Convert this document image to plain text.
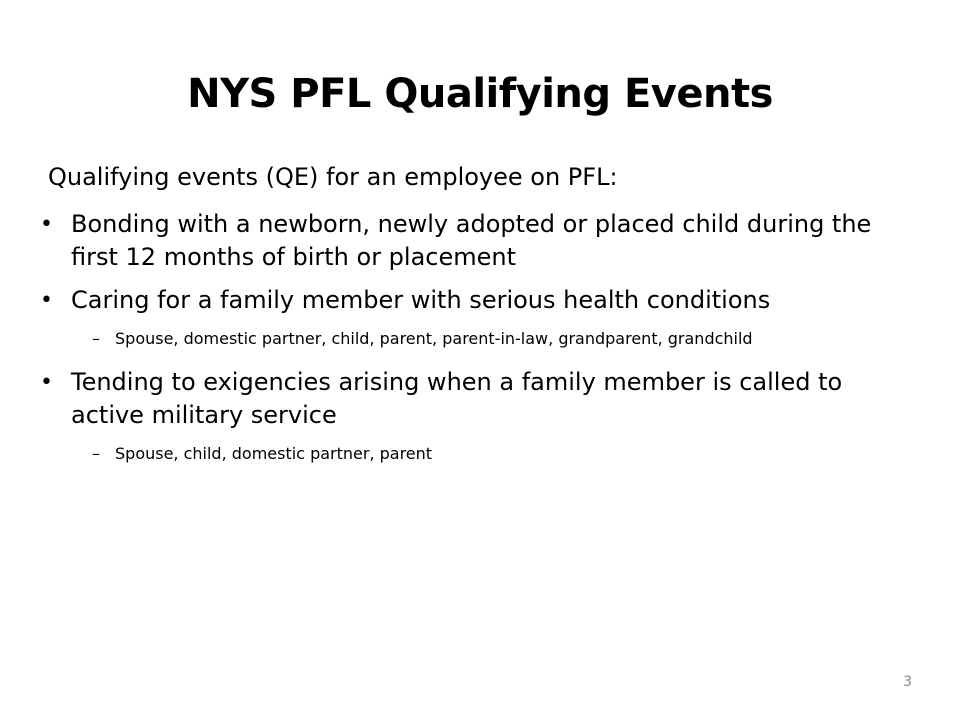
NYS PFL Qualifying Events

Qualifying events (QE) for an employee on PFL:

• Bonding with a newborn, newly adopted or placed child during the first 12 months of birth or placement
• Caring for a family member with serious health conditions
– Spouse, domestic partner, child, parent, parent-in-law, grandparent, grandchild
• Tending to exigencies arising when a family member is called to active military service
– Spouse, child, domestic partner, parent
3
